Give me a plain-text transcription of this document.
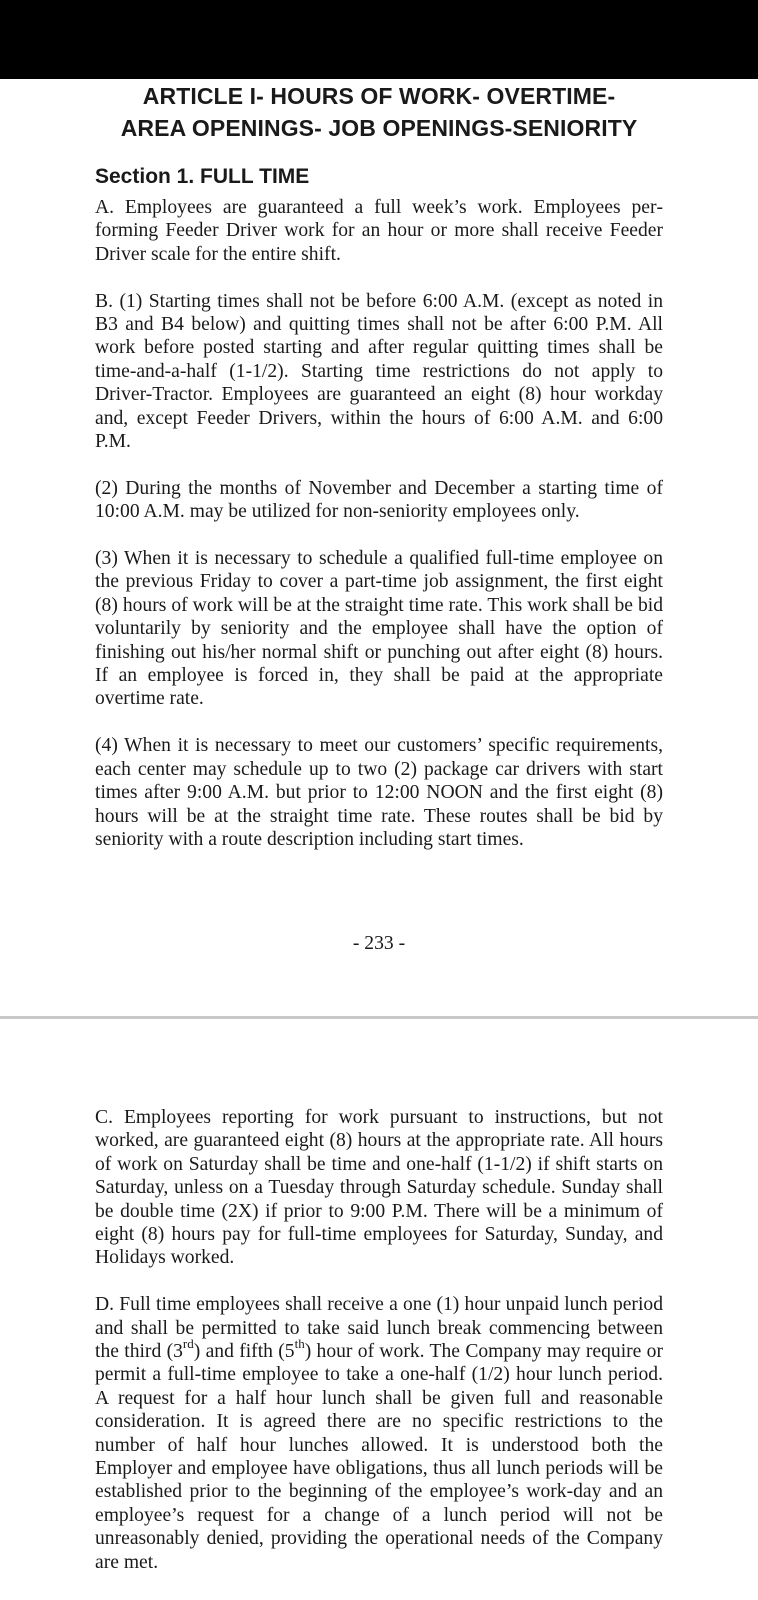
ARTICLE I- HOURS OF WORK- OVERTIME-
AREA OPENINGS- JOB OPENINGS-SENIORITY
Section 1. FULL TIME

A. Employees are guaranteed a full week’s work. Employees performing Feeder Driver work for an hour or more shall receive Feeder Driver scale for the entire shift.

B. (1) Starting times shall not be before 6:00 A.M. (except as noted in B3 and B4 below) and quitting times shall not be after 6:00 P.M. All work before posted starting and after regular quitting times shall be time-and-a-half (1-1/2). Starting time restrictions do not apply to Driver-Tractor. Employees are guaranteed an eight (8) hour workday and, except Feeder Drivers, within the hours of 6:00 A.M. and 6:00 P.M.

(2) During the months of November and December a starting time of 10:00 A.M. may be utilized for non-seniority employees only.

(3) When it is necessary to schedule a qualified full-time employee on the previous Friday to cover a part-time job assignment, the first eight (8) hours of work will be at the straight time rate. This work shall be bid voluntarily by seniority and the employee shall have the option of finishing out his/her normal shift or punching out after eight (8) hours. If an employee is forced in, they shall be paid at the appropriate overtime rate.

(4) When it is necessary to meet our customers’ specific requirements, each center may schedule up to two (2) package car drivers with start times after 9:00 A.M. but prior to 12:00 NOON and the first eight (8) hours will be at the straight time rate. These routes shall be bid by seniority with a route description including start times.

- 233 -

C. Employees reporting for work pursuant to instructions, but not worked, are guaranteed eight (8) hours at the appropriate rate. All hours of work on Saturday shall be time and one-half (1-1/2) if shift starts on Saturday, unless on a Tuesday through Saturday schedule. Sunday shall be double time (2X) if prior to 9:00 P.M. There will be a minimum of eight (8) hours pay for full-time employees for Saturday, Sunday, and Holidays worked.

D. Full time employees shall receive a one (1) hour unpaid lunch period and shall be permitted to take said lunch break commencing between the third (3rd) and fifth (5th) hour of work. The Company may require or permit a full-time employee to take a one-half (1/2) hour lunch period. A request for a half hour lunch shall be given full and reasonable consideration. It is agreed there are no specific restrictions to the number of half hour lunches allowed. It is understood both the Employer and employee have obligations, thus all lunch periods will be established prior to the beginning of the employee’s work-day and an employee’s request for a change of a lunch period will not be unreasonably denied, providing the operational needs of the Company are met.
